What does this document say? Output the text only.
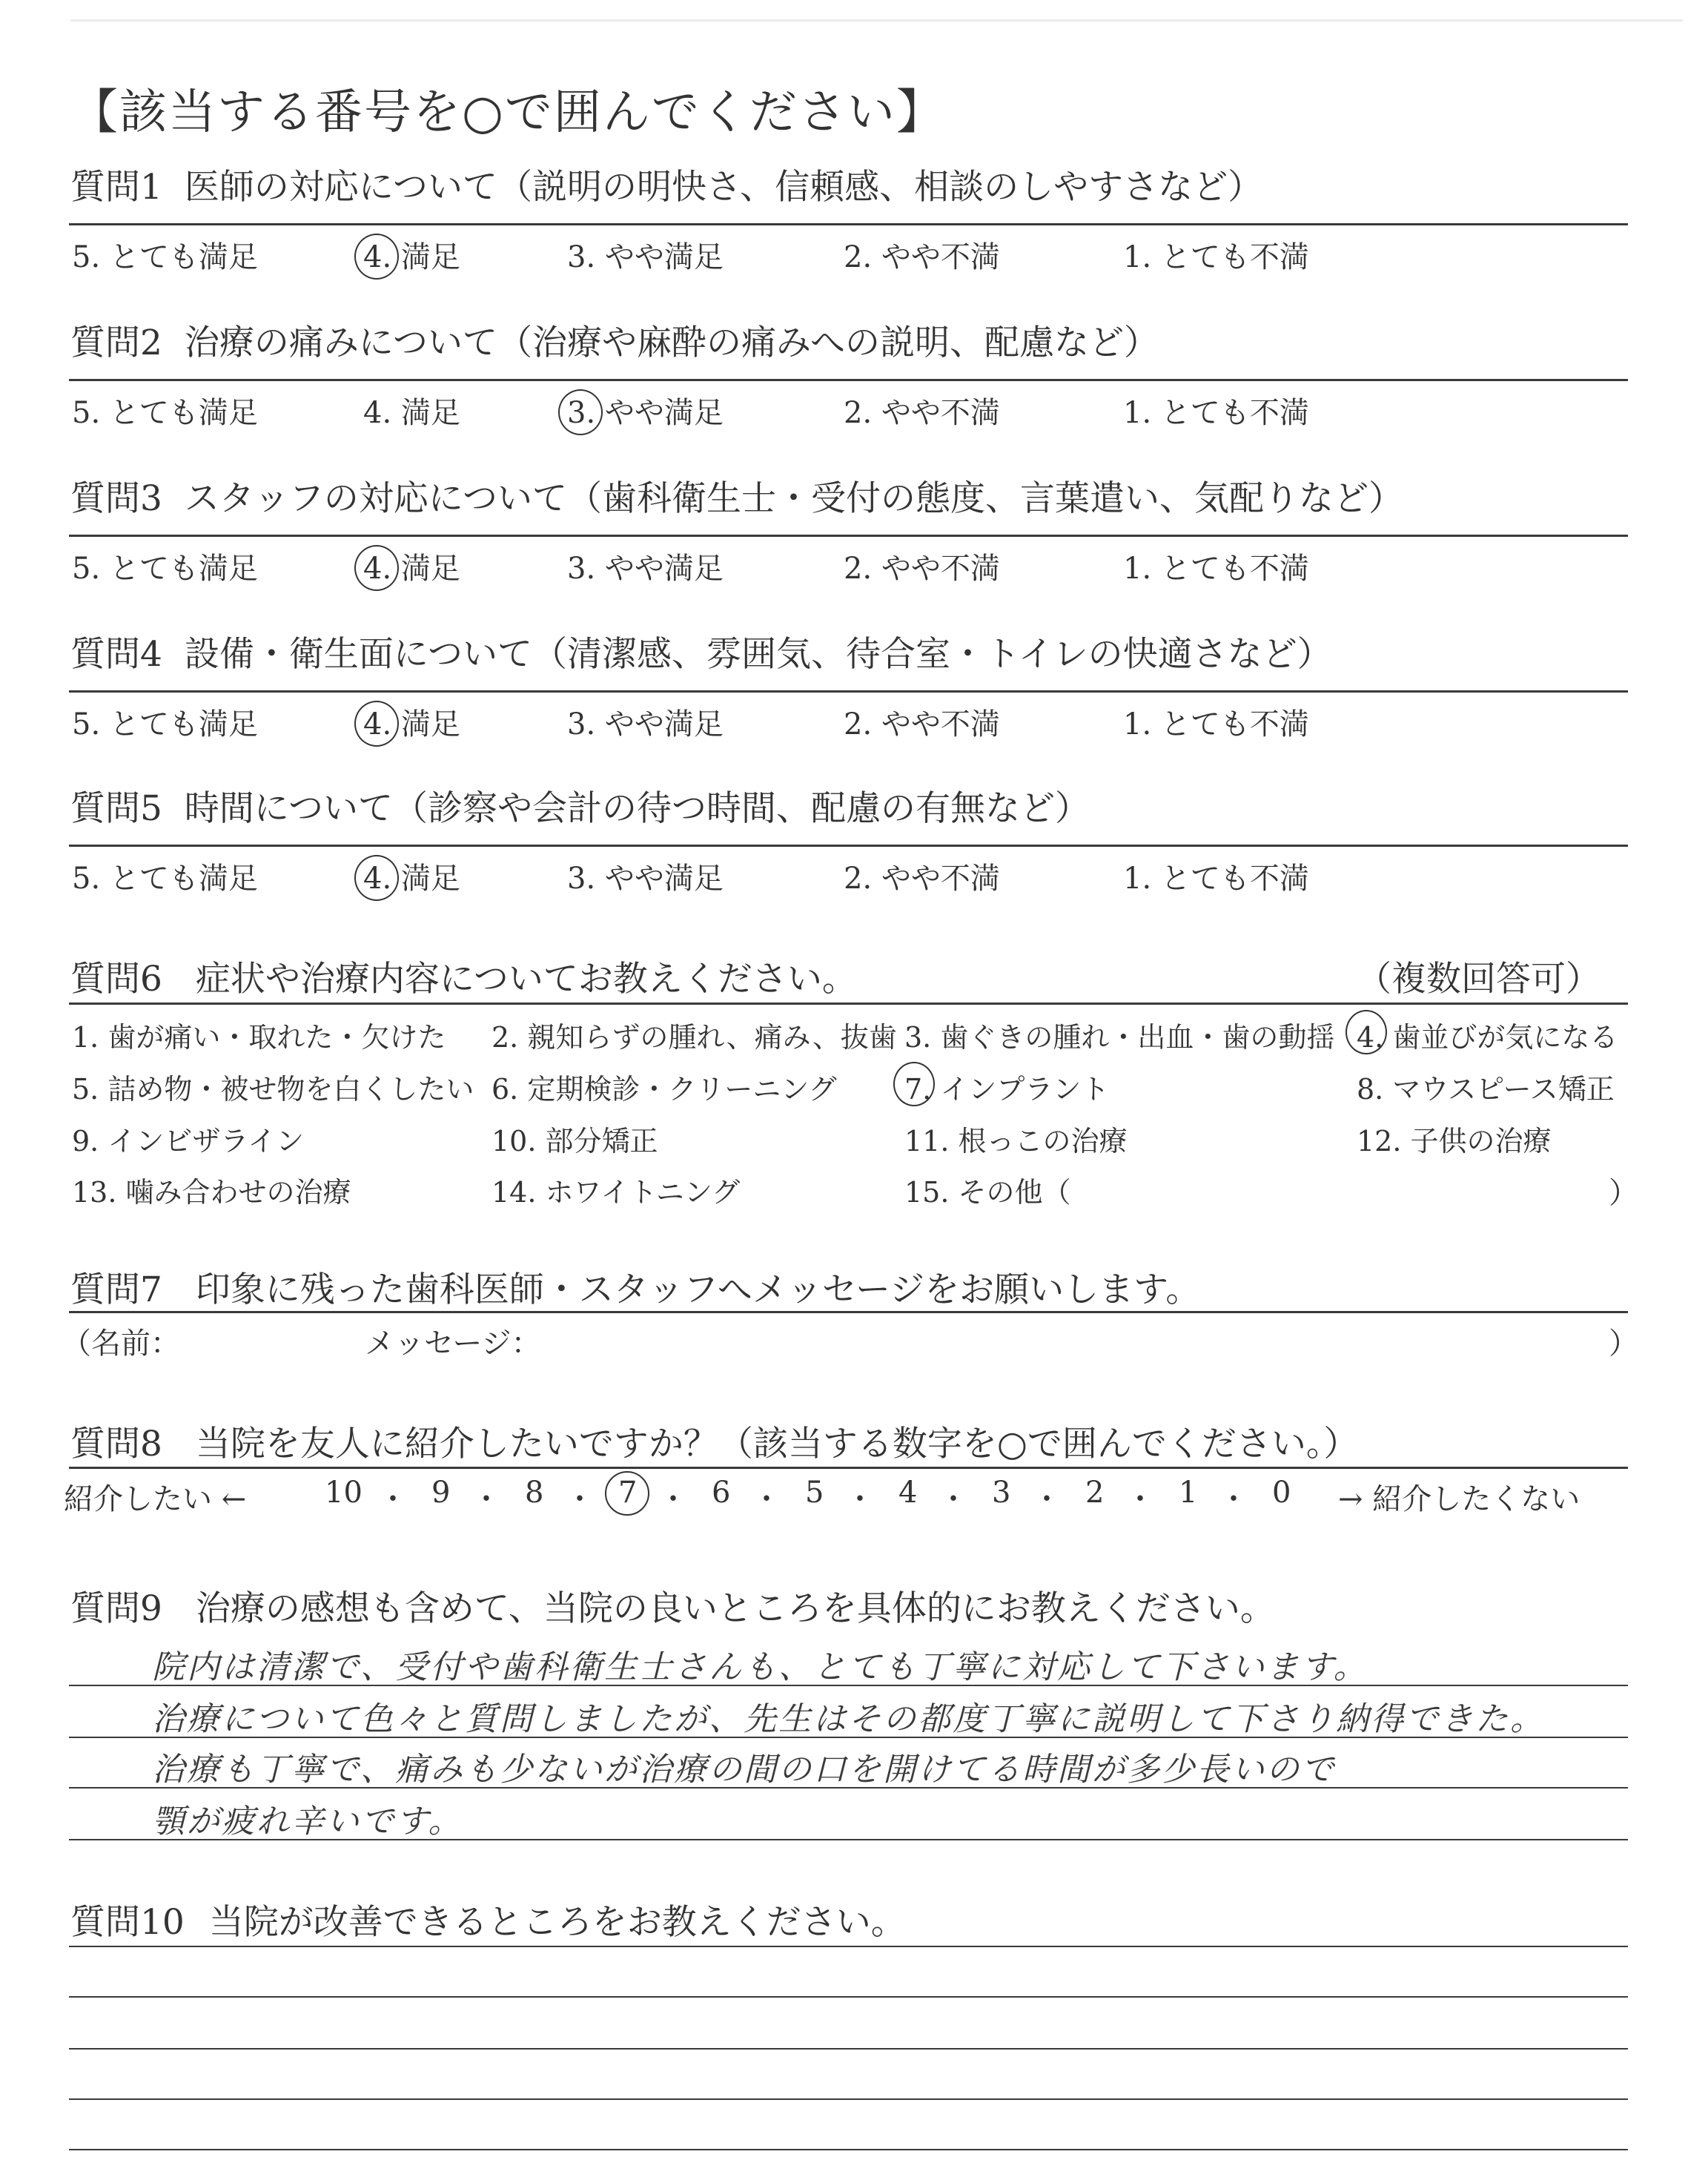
【該当する番号を○で囲んでください】
質問1 医師の対応について（説明の明快さ、信頼感、相談のしやすさなど）
5. とても満足	4. 満足	3. やや満足	2. やや不満	1. とても不満
質問2 治療の痛みについて（治療や麻酔の痛みへの説明、配慮など）
5. とても満足	4. 満足	3. やや満足	2. やや不満	1. とても不満
質問3 スタッフの対応について（歯科衛生士・受付の態度、言葉遣い、気配りなど）
5. とても満足	4. 満足	3. やや満足	2. やや不満	1. とても不満
質問4 設備・衛生面について（清潔感、雰囲気、待合室・トイレの快適さなど）
5. とても満足	4. 満足	3. やや満足	2. やや不満	1. とても不満
質問5 時間について（診察や会計の待つ時間、配慮の有無など）
5. とても満足	4. 満足	3. やや満足	2. やや不満	1. とても不満
質問6 症状や治療内容についてお教えください。	（複数回答可）
1. 歯が痛い・取れた・欠けた 2. 親知らずの腫れ、痛み、抜歯 3. 歯ぐきの腫れ・出血・歯の動揺 4. 歯並びが気になる
5. 詰め物・被せ物を白くしたい 6. 定期検診・クリーニング 7. インプラント	8. マウスピース矯正
9. インビザライン	10. 部分矯正	11. 根っこの治療	12. 子供の治療
13. 噛み合わせの治療	14. ホワイトニング	15. その他（	）
質問7 印象に残った歯科医師・スタッフへメッセージをお願いします。
（名前：	メッセージ：	）
質問8 当院を友人に紹介したいですか？（該当する数字を○で囲んでください。）
紹介したい ←	10 ・ 9 ・ 8 ・ 7 ・ 6 ・ 5 ・ 4 ・ 3 ・ 2 ・ 1 ・ 0 → 紹介したくない
質問9 治療の感想も含めて、当院の良いところを具体的にお教えください。
院内は清潔で、受付や歯科衛生士さんも、とても丁寧に対応して下さいます。
治療について色々と質問しましたが、先生はその都度丁寧に説明して下さり納得できた。
治療も丁寧で、痛みも少ないが治療の間の口を開けてる時間が多少長いので
顎が疲れ辛いです。
質問10 当院が改善できるところをお教えください。
